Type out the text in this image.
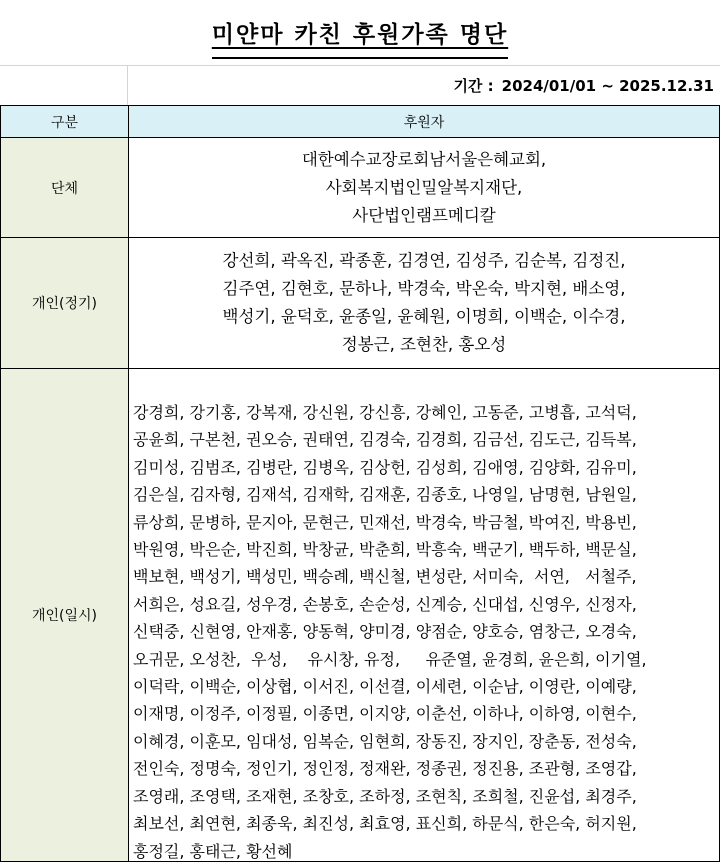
미얀마 카친 후원가족 명단
기간 : 2024/01/01 ~ 2025.12.31
구분	후원자
단체
대한예수교장로회남서울은혜교회,
사회복지법인밀알복지재단,
사단법인램프메디칼
개인(정기)
강선희, 곽옥진, 곽종훈, 김경연, 김성주, 김순복, 김정진,
김주연, 김현호, 문하나, 박경숙, 박온숙, 박지현, 배소영,
백성기, 윤덕호, 윤종일, 윤혜원, 이명희, 이백순, 이수경,
정봉근, 조현찬, 홍오성
개인(일시)
강경희, 강기홍, 강복재, 강신원, 강신흥, 강혜인, 고동준, 고병흡, 고석덕,
공윤희, 구본천, 권오승, 권태연, 김경숙, 김경희, 김금선, 김도근, 김득복,
김미성, 김범조, 김병란, 김병옥, 김상헌, 김성희, 김애영, 김양화, 김유미,
김은실, 김자형, 김재석, 김재학, 김재훈, 김종호, 나영일, 남명현, 남원일,
류상희, 문병하, 문지아, 문현근, 민재선, 박경숙, 박금철, 박여진, 박용빈,
박원영, 박은순, 박진희, 박창균, 박춘희, 박흥숙, 백군기, 백두하, 백문실,
백보현, 백성기, 백성민, 백승례, 백신철, 변성란, 서미숙,  서연,   서철주,
서희은, 성요길, 성우경, 손봉호, 손순성, 신계승, 신대섭, 신영우, 신정자,
신택중, 신현영, 안재홍, 양동혁, 양미경, 양점순, 양호승, 염창근, 오경숙,
오귀문, 오성찬,  우성,    유시창, 유정,     유준열, 윤경희, 윤은희, 이기열,
이덕락, 이백순, 이상협, 이서진, 이선결, 이세련, 이순남, 이영란, 이예량,
이재명, 이정주, 이정필, 이종면, 이지양, 이춘선, 이하나, 이하영, 이현수,
이혜경, 이훈모, 임대성, 임복순, 임현희, 장동진, 장지인, 장춘동, 전성숙,
전인숙, 정명숙, 정인기, 정인정, 정재완, 정종권, 정진용, 조관형, 조영갑,
조영래, 조영택, 조재현, 조창호, 조하정, 조현칙, 조희철, 진윤섭, 최경주,
최보선, 최연현, 최종욱, 최진성, 최효영, 표신희, 하문식, 한은숙, 허지원,
홍정길, 홍태근, 황선혜
